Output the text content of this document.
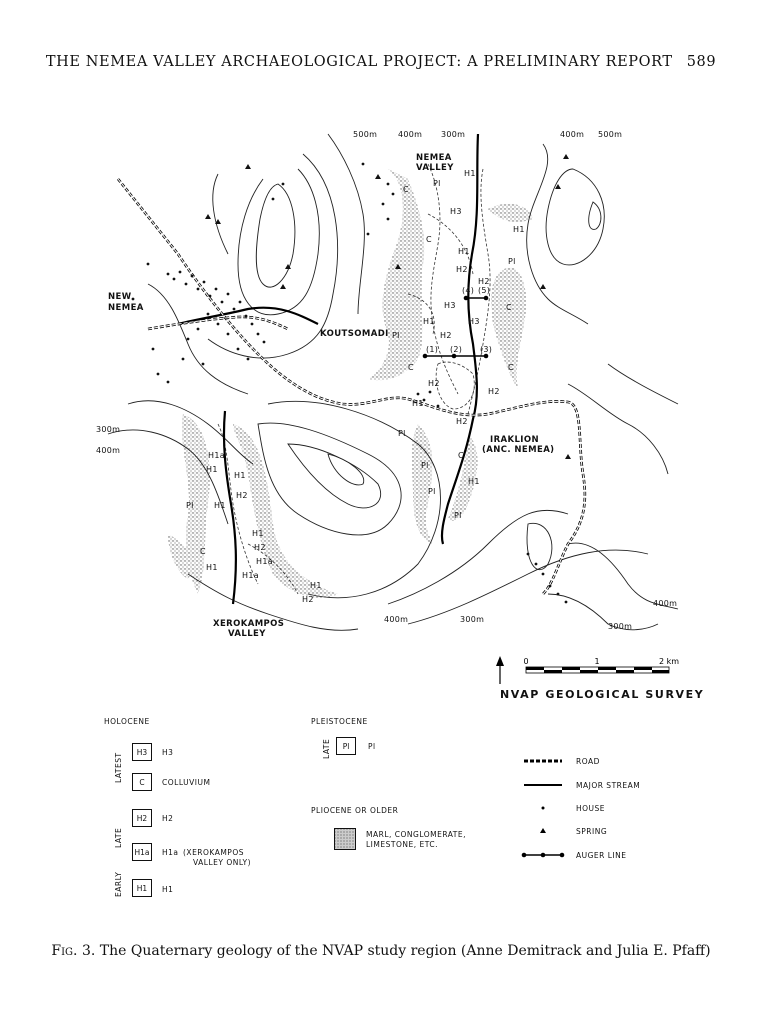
THE NEMEA VALLEY ARCHAEOLOGICAL PROJECT: A PRELIMINARY REPORT 589
500m	400m 300m	400m 500m
300m
400m
400m	300m
400m
300m
NEMEA
VALLEY
NEW
NEMEA
KOUTSOMADI
IRAKLION
(ANC. NEMEA)
XEROKAMPOS
VALLEY
(1) (2) (3)
(4) (5)
H1
Pl
C
H3
H1
C
H1
Pl
H2
H2
H3	C
H1	H3
Pl	H2
C	C
H2
H2
H1
H2
Pl
C
Pl
H1
Pl
Pl
H1a
H1
H1
H2
Pl	H1
H1
H2
C
H1
H1a
H1a
H1
H2
0	1	2 km
NVAP GEOLOGICAL SURVEY
HOLOCENE	PLEISTOCENE
PLIOCENE OR OLDER
LATEST
LATE
EARLY
LATE
H3	H3
C	COLLUVIUM
H2	H2
H1a	H1a (XEROKAMPOS
VALLEY ONLY)
H1	H1
Pl	Pl
MARL, CONGLOMERATE,
LIMESTONE, ETC.
ROAD
MAJOR STREAM
HOUSE
SPRING
AUGER LINE
Fig. 3. The Quaternary geology of the NVAP study region (Anne Demitrack and Julia E. Pfaff)
